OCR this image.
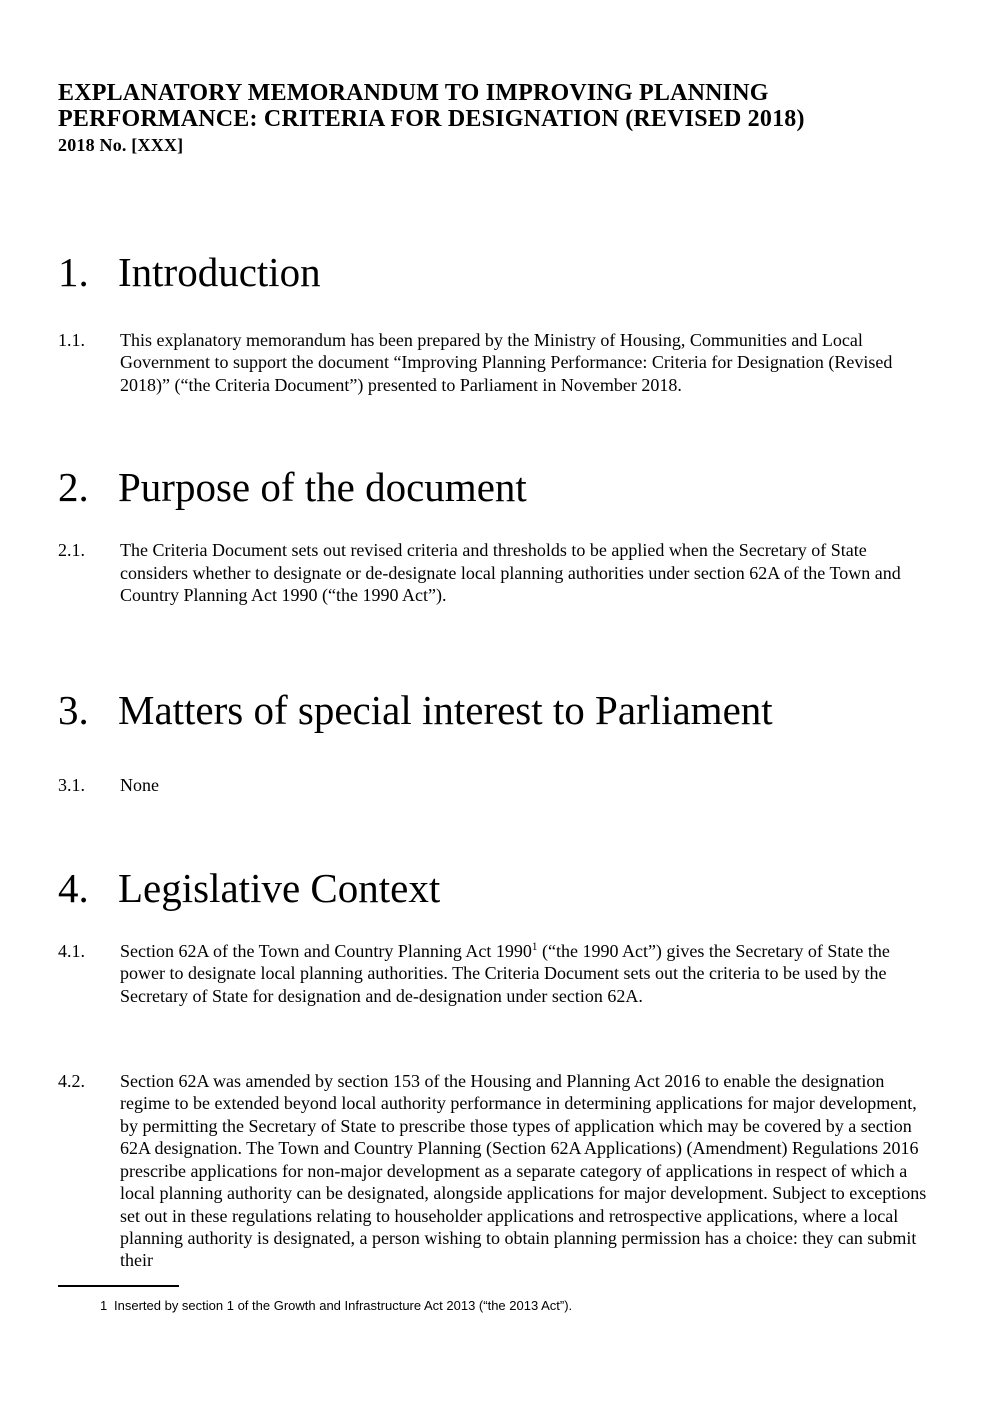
EXPLANATORY MEMORANDUM TO IMPROVING PLANNING
PERFORMANCE: CRITERIA FOR DESIGNATION (REVISED 2018)
2018 No. [XXX]
1. Introduction
1.1.	This explanatory memorandum has been prepared by the Ministry of Housing, Communities and Local Government to support the document “Improving Planning Performance: Criteria for Designation (Revised 2018)” (“the Criteria Document”) presented to Parliament in November 2018.
2. Purpose of the document
2.1.	The Criteria Document sets out revised criteria and thresholds to be applied when the Secretary of State considers whether to designate or de-designate local planning authorities under section 62A of the Town and Country Planning Act 1990 (“the 1990 Act”).
3. Matters of special interest to Parliament
3.1.	None
4. Legislative Context
4.1.	Section 62A of the Town and Country Planning Act 1990$^1$ (“the 1990 Act”) gives the Secretary of State the power to designate local planning authorities. The Criteria Document sets out the criteria to be used by the Secretary of State for designation and de-designation under section 62A.
4.2.	Section 62A was amended by section 153 of the Housing and Planning Act 2016 to enable the designation regime to be extended beyond local authority performance in determining applications for major development, by permitting the Secretary of State to prescribe those types of application which may be covered by a section 62A designation. The Town and Country Planning (Section 62A Applications) (Amendment) Regulations 2016 prescribe applications for non-major development as a separate category of applications in respect of which a local planning authority can be designated, alongside applications for major development. Subject to exceptions set out in these regulations relating to householder applications and retrospective applications, where a local planning authority is designated, a person wishing to obtain planning permission has a choice: they can submit their
1 Inserted by section 1 of the Growth and Infrastructure Act 2013 (“the 2013 Act”).
